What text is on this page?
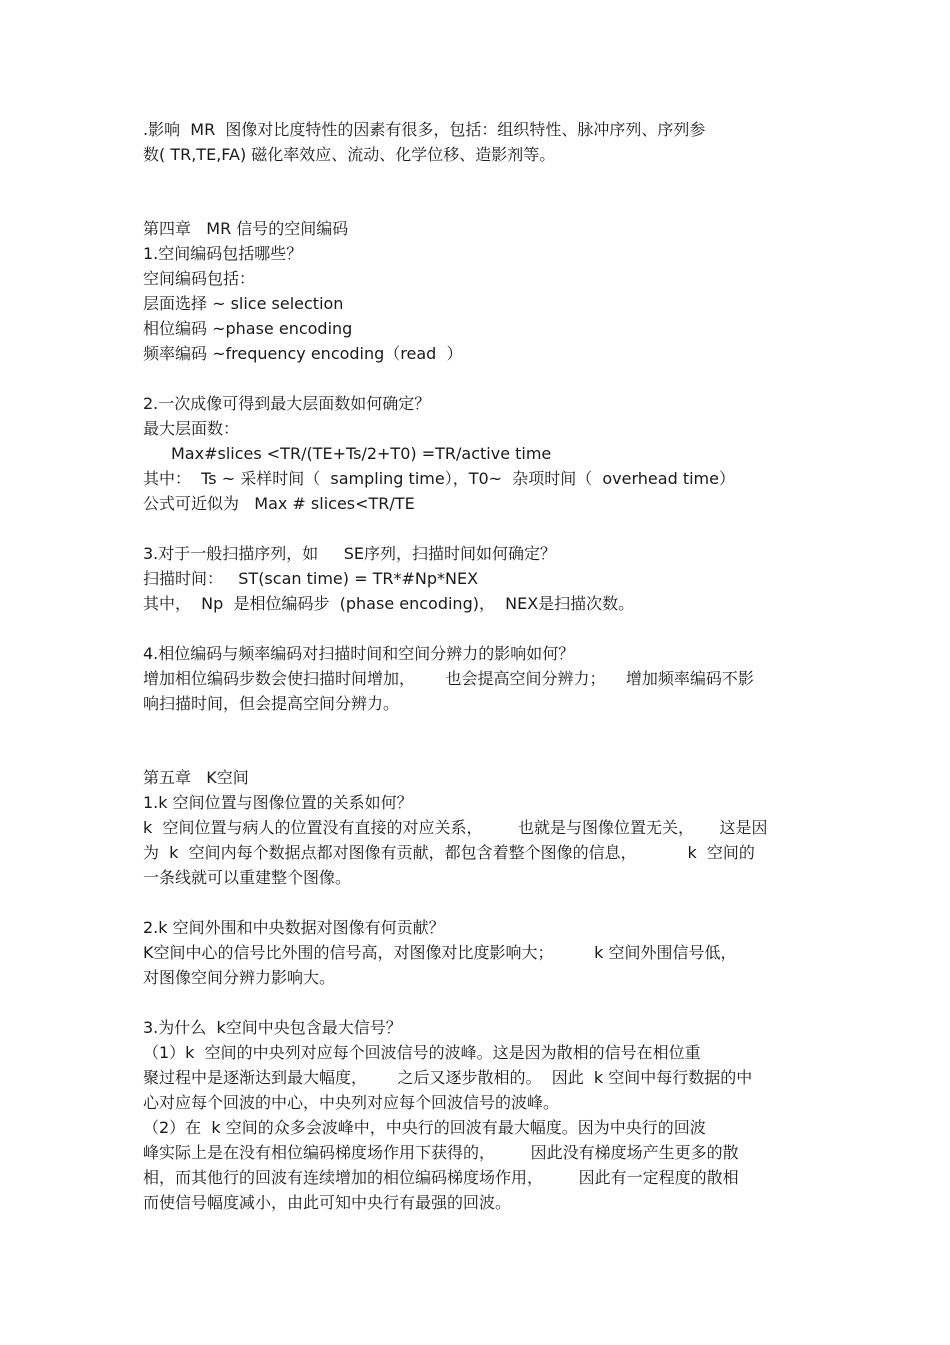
.影响  MR  图像对比度特性的因素有很多，包括：组织特性、脉冲序列、序列参
数( TR,TE,FA) 磁化率效应、流动、化学位移、造影剂等。
第四章   MR 信号的空间编码
1.空间编码包括哪些？
空间编码包括：
层面选择 ~ slice selection
相位编码 ~phase encoding
频率编码 ~frequency encoding（read  ）
2.一次成像可得到最大层面数如何确定？
最大层面数：
Max#slices <TR/(TE+Ts/2+T0) =TR/active time
其中：  Ts ~ 采样时间（  sampling time），T0~  杂项时间（  overhead time）
公式可近似为   Max # slices<TR/TE
3.对于一般扫描序列，如     SE序列，扫描时间如何确定？
扫描时间：   ST(scan time) = TR*#Np*NEX
其中，  Np  是相位编码步  (phase encoding)，  NEX是扫描次数。
4.相位编码与频率编码对扫描时间和空间分辨力的影响如何？
增加相位编码步数会使扫描时间增加，      也会提高空间分辨力；    增加频率编码不影
响扫描时间，但会提高空间分辨力。
第五章   K空间
1.k 空间位置与图像位置的关系如何？
k  空间位置与病人的位置没有直接的对应关系，       也就是与图像位置无关，     这是因
为  k  空间内每个数据点都对图像有贡献，都包含着整个图像的信息，          k  空间的
一条线就可以重建整个图像。
2.k 空间外围和中央数据对图像有何贡献？
K空间中心的信号比外围的信号高，对图像对比度影响大；        k 空间外围信号低，
对图像空间分辨力影响大。
3.为什么  k空间中央包含最大信号？
（1）k  空间的中央列对应每个回波信号的波峰。这是因为散相的信号在相位重
聚过程中是逐渐达到最大幅度，      之后又逐步散相的。  因此  k 空间中每行数据的中
心对应每个回波的中心，中央列对应每个回波信号的波峰。
（2）在  k 空间的众多会波峰中，中央行的回波有最大幅度。因为中央行的回波
峰实际上是在没有相位编码梯度场作用下获得的，       因此没有梯度场产生更多的散
相，而其他行的回波有连续增加的相位编码梯度场作用，       因此有一定程度的散相
而使信号幅度减小，由此可知中央行有最强的回波。
